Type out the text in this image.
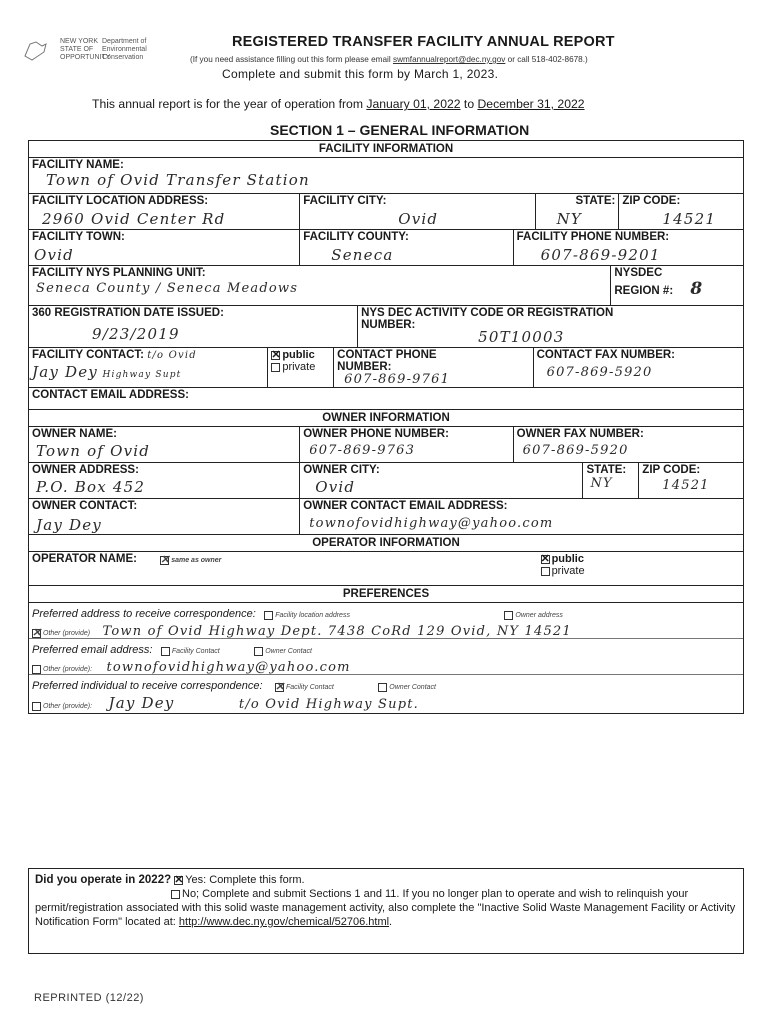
NEW YORK
STATE OF
OPPORTUNITY
Department of
Environmental
Conservation
REGISTERED TRANSFER FACILITY ANNUAL REPORT
(If you need assistance filling out this form please email swmfannualreport@dec.ny.gov or call 518-402-8678.)
Complete and submit this form by March 1, 2023.
This annual report is for the year of operation from January 01, 2022 to December 31, 2022
SECTION 1 – GENERAL INFORMATION
FACILITY INFORMATION
FACILITY NAME:
Town of Ovid Transfer Station
FACILITY LOCATION ADDRESS:
2960 Ovid Center Rd
FACILITY CITY:
Ovid
STATE:
NY
ZIP CODE:
14521
FACILITY TOWN:
Ovid
FACILITY COUNTY:
Seneca
FACILITY PHONE NUMBER:
607-869-9201
FACILITY NYS PLANNING UNIT:
Seneca County / Seneca Meadows
NYSDEC
REGION #: 8
360 REGISTRATION DATE ISSUED:
9/23/2019
NYS DEC ACTIVITY CODE OR REGISTRATION
NUMBER:
50T10003
FACILITY CONTACT: t/o Ovid
Jay Dey Highway Supt
✕public
private
CONTACT PHONE
NUMBER:
607-869-9761
CONTACT FAX NUMBER:
607-869-5920
CONTACT EMAIL ADDRESS:
OWNER INFORMATION
OWNER NAME:
Town of Ovid
OWNER PHONE NUMBER:
607-869-9763
OWNER FAX NUMBER:
607-869-5920
OWNER ADDRESS:
P.O. Box 452
OWNER CITY:
Ovid
STATE:
NY
ZIP CODE:
14521
OWNER CONTACT:
Jay Dey
OWNER CONTACT EMAIL ADDRESS:
townofovidhighway@yahoo.com
OPERATOR INFORMATION
OPERATOR NAME: ✕	same as owner ✕	public
private
PREFERENCES
Preferred address to receive correspondence:	Facility location address	Owner address
✕Other (provide) Town of Ovid Highway Dept. 7438 CoRd 129 Ovid, NY 14521
Preferred email address:	Facility Contact	Owner Contact
Other (provide): townofovidhighway@yahoo.com
Preferred individual to receive correspondence: ✕	Facility Contact	Owner Contact
Other (provide): Jay Dey	t/o Ovid Highway Supt.
Did you operate in 2022? ✕ Yes: Complete this form.
No; Complete and submit Sections 1 and 11. If you no longer plan to operate and wish to relinquish your permit/registration associated with this solid waste management activity, also complete the "Inactive Solid Waste Management Facility or Activity Notification Form" located at: http://www.dec.ny.gov/chemical/52706.html.
REPRINTED (12/22)
